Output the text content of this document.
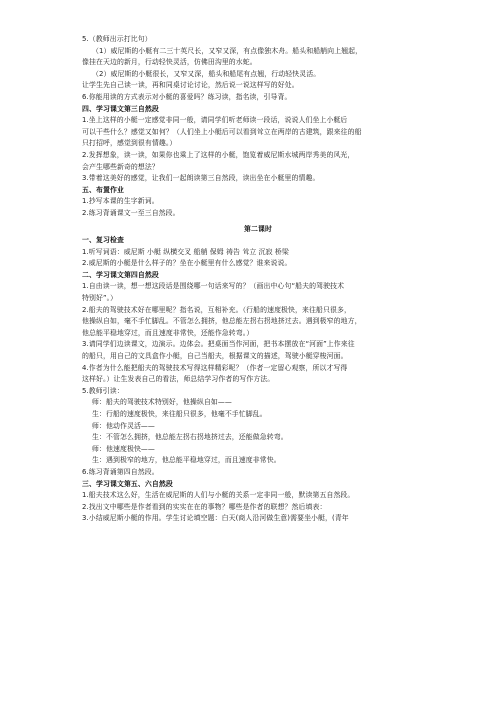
5.（教师出示打比句）
（1）威尼斯的小艇有二三十英尺长，又窄又深，有点像独木舟。船头和船艄向上翘起，
像挂在天边的新月，行动轻快灵活，仿佛田沟里的水蛇。
（2）威尼斯的小艇很长，又窄又深，船头和船尾有点翘，行动轻快灵活。
让学生先自己读一读，再和同桌讨论讨论，然后说一说这样写的好处。
6.你能用读的方式表示对小艇的喜爱吗？练习读，指名读，引导背。
四、学习课文第三自然段
1.坐上这样的小艇一定感觉非同一般，请同学们听老师读一段话，说说人们坐上小艇后
可以干些什么？感觉又如何？（人们坐上小艇后可以看到耸立在两岸的古建筑，跟来往的船
只打招呼，感觉到很有情趣。）
2.发挥想象，读一读，如果你也乘上了这样的小艇，饱览着威尼斯水城两岸秀美的风光，
会产生哪些新奇的想法？
3.带着这美好的感觉，让我们一起朗读第三自然段，读出坐在小艇里的情趣。
五、布置作业
1.抄写本课的生字新词。
2.练习背诵课文一至三自然段。
第二课时
一、复习检查
1.听写词语：威尼斯 小艇 纵横交叉 船艄 保姆 祷告 耸立 沉寂 桥梁
2.威尼斯的小艇是什么样子的？坐在小艇里有什么感觉？谁来说说。
二、学习课文第四自然段
1.自由读一读，想一想这段话是围绕哪一句话来写的？（画出中心句“船夫的驾驶技术
特别好”。）
2.船夫的驾驶技术好在哪里呢？指名说，互相补充。（行船的速度极快，来往船只很多，
他操纵自如，毫不手忙脚乱。不管怎么拥挤，他总能左拐右拐地挤过去。遇到极窄的地方，
他总能平稳地穿过，而且速度非常快，还能作急转弯。）
3.请同学们边读课文，边演示。边体会。把桌面当作河面，把书本摆放在“河面”上作来往
的船只，用自己的文具盒作小艇，自己当船夫，根据课文的描述，驾驶小艇穿梭河面。
4.作者为什么能把船夫的驾驶技术写得这样精彩呢？（作者一定留心观察，所以才写得
这样好。）让生发表自己的看法，师总结学习作者的写作方法。
5.教师引读：
师：船夫的驾驶技术特别好，他操纵自如——
生：行船的速度极快，来往船只很多，他毫不手忙脚乱。
师：他动作灵活——
生：不管怎么拥挤，他总能左拐右拐地挤过去，还能做急转弯。
师：他速度极快——
生：遇到极窄的地方，他总能平稳地穿过，而且速度非常快。
6.练习背诵第四自然段。
三、学习课文第五、六自然段
1.船夫技术这么好，生活在威尼斯的人们与小艇的关系一定非同一般，默读第五自然段。
2.找出文中哪些是作者看到的实实在在的事物？哪些是作者的联想？然后填表：
3.小结威尼斯小艇的作用。学生讨论填空题：白天(商人沿河做生意)需要坐小艇，(青年
